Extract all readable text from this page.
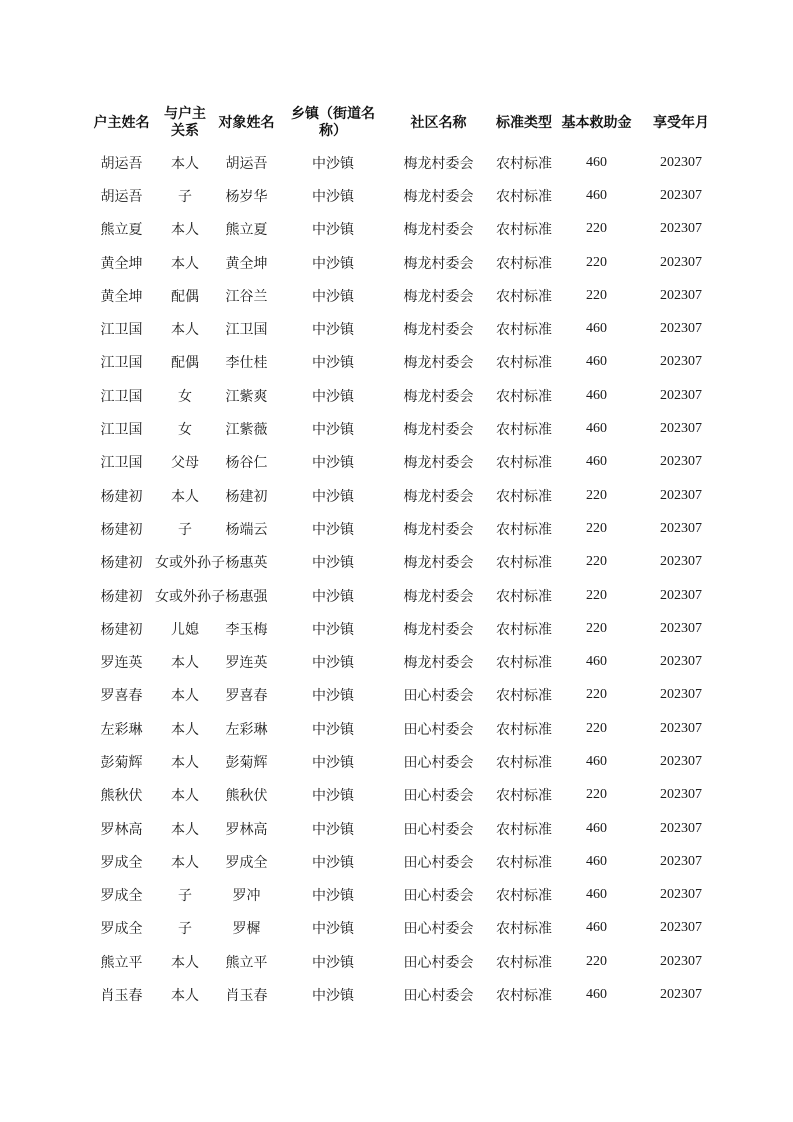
户主姓名	与户主关系	对象姓名	乡镇（街道名称）	社区名称	标准类型	基本救助金	享受年月
胡运吾	本人	胡运吾	中沙镇	梅龙村委会	农村标准	460	202307
胡运吾	子	杨岁华	中沙镇	梅龙村委会	农村标准	460	202307
熊立夏	本人	熊立夏	中沙镇	梅龙村委会	农村标准	220	202307
黄全坤	本人	黄全坤	中沙镇	梅龙村委会	农村标准	220	202307
黄全坤	配偶	江谷兰	中沙镇	梅龙村委会	农村标准	220	202307
江卫国	本人	江卫国	中沙镇	梅龙村委会	农村标准	460	202307
江卫国	配偶	李仕桂	中沙镇	梅龙村委会	农村标准	460	202307
江卫国	女	江紫爽	中沙镇	梅龙村委会	农村标准	460	202307
江卫国	女	江紫薇	中沙镇	梅龙村委会	农村标准	460	202307
江卫国	父母	杨谷仁	中沙镇	梅龙村委会	农村标准	460	202307
杨建初	本人	杨建初	中沙镇	梅龙村委会	农村标准	220	202307
杨建初	子	杨端云	中沙镇	梅龙村委会	农村标准	220	202307
杨建初	女或外孙子	杨惠英	中沙镇	梅龙村委会	农村标准	220	202307
杨建初	女或外孙子	杨惠强	中沙镇	梅龙村委会	农村标准	220	202307
杨建初	儿媳	李玉梅	中沙镇	梅龙村委会	农村标准	220	202307
罗连英	本人	罗连英	中沙镇	梅龙村委会	农村标准	460	202307
罗喜春	本人	罗喜春	中沙镇	田心村委会	农村标准	220	202307
左彩琳	本人	左彩琳	中沙镇	田心村委会	农村标准	220	202307
彭菊辉	本人	彭菊辉	中沙镇	田心村委会	农村标准	460	202307
熊秋伏	本人	熊秋伏	中沙镇	田心村委会	农村标准	220	202307
罗林高	本人	罗林高	中沙镇	田心村委会	农村标准	460	202307
罗成全	本人	罗成全	中沙镇	田心村委会	农村标准	460	202307
罗成全	子	罗冲	中沙镇	田心村委会	农村标准	460	202307
罗成全	子	罗樨	中沙镇	田心村委会	农村标准	460	202307
熊立平	本人	熊立平	中沙镇	田心村委会	农村标准	220	202307
肖玉春	本人	肖玉春	中沙镇	田心村委会	农村标准	460	202307
